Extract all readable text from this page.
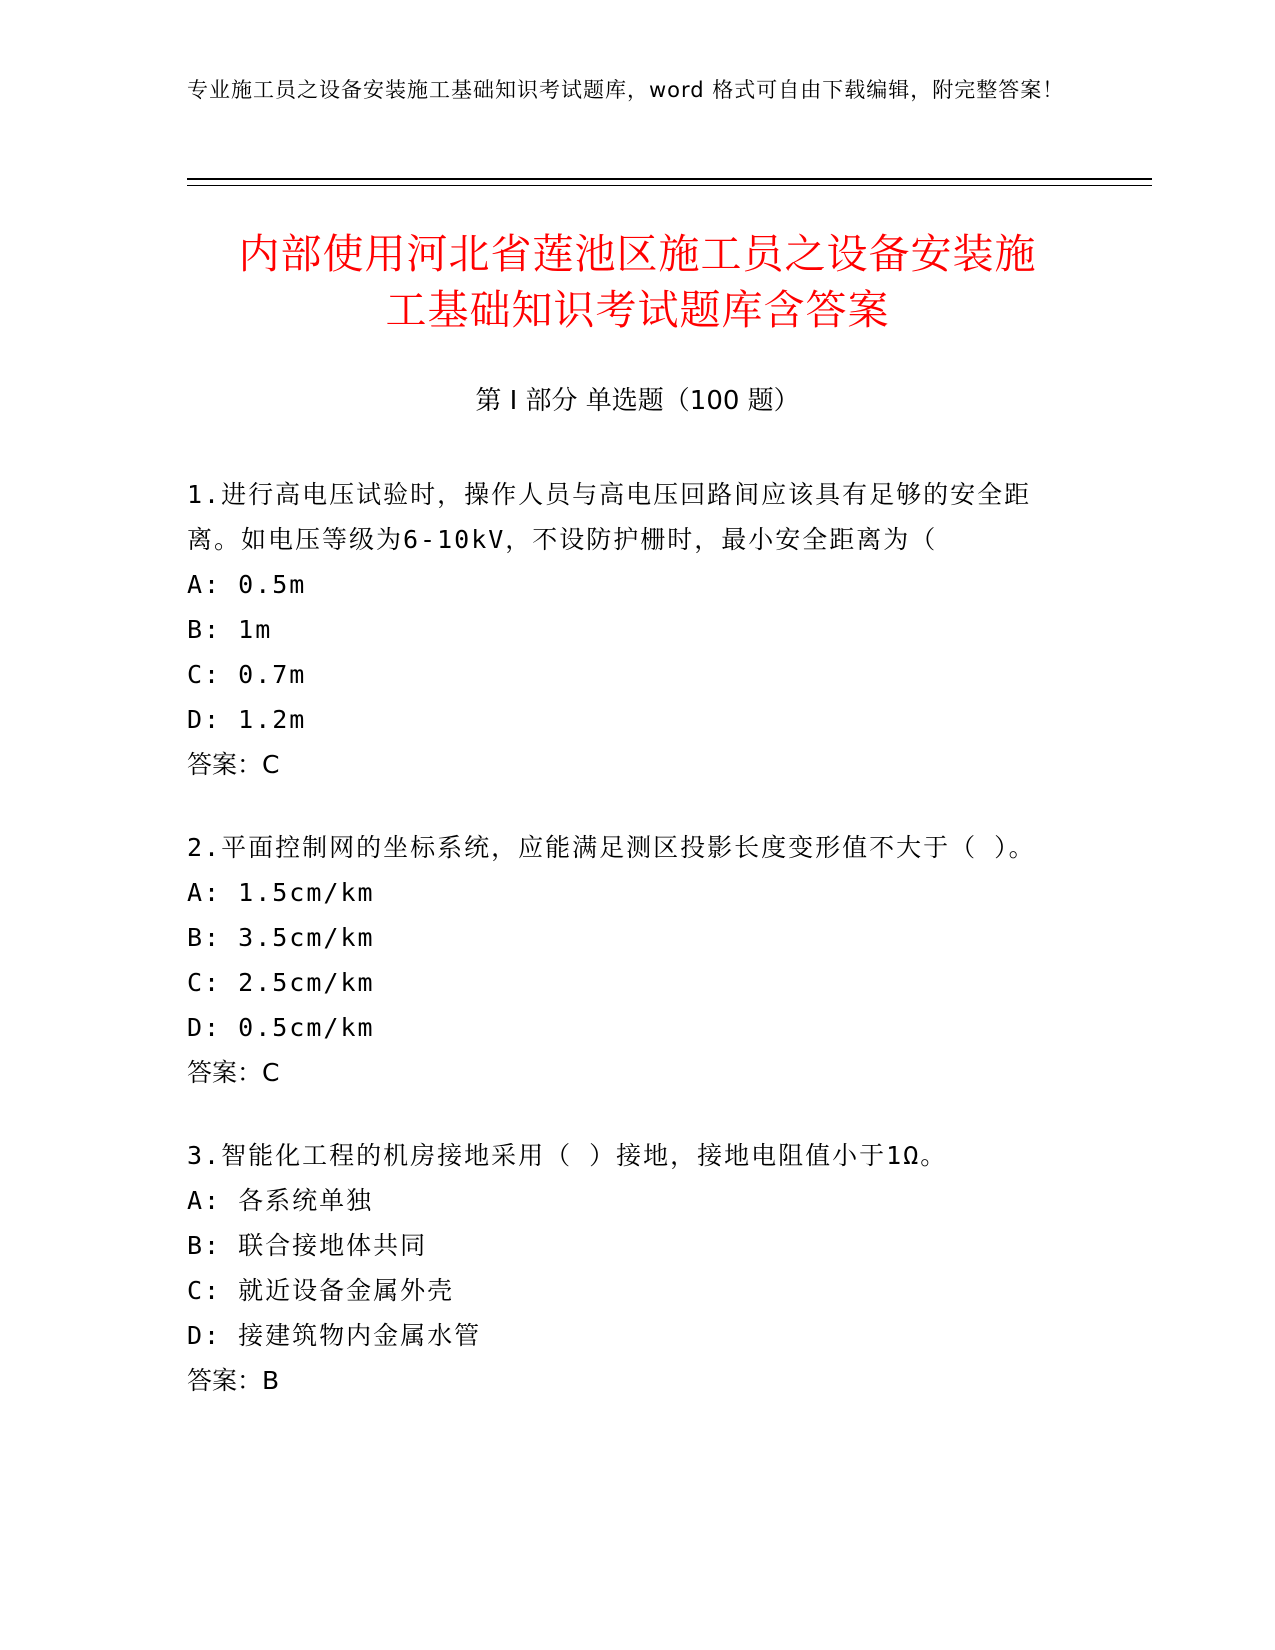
专业施工员之设备安装施工基础知识考试题库，word 格式可自由下载编辑，附完整答案！
内部使用河北省莲池区施工员之设备安装施
工基础知识考试题库含答案
第 I 部分 单选题（100 题）
1.进行高电压试验时，操作人员与高电压回路间应该具有足够的安全距离。如电压等级为6-10kV，不设防护栅时，最小安全距离为（
A: 0.5m
B: 1m
C: 0.7m
D: 1.2m
答案：C
2.平面控制网的坐标系统，应能满足测区投影长度变形值不大于（ ）。
A: 1.5cm/km
B: 3.5cm/km
C: 2.5cm/km
D: 0.5cm/km
答案：C
3.智能化工程的机房接地采用（ ）接地，接地电阻值小于1Ω。
A: 各系统单独
B: 联合接地体共同
C: 就近设备金属外壳
D: 接建筑物内金属水管
答案：B
